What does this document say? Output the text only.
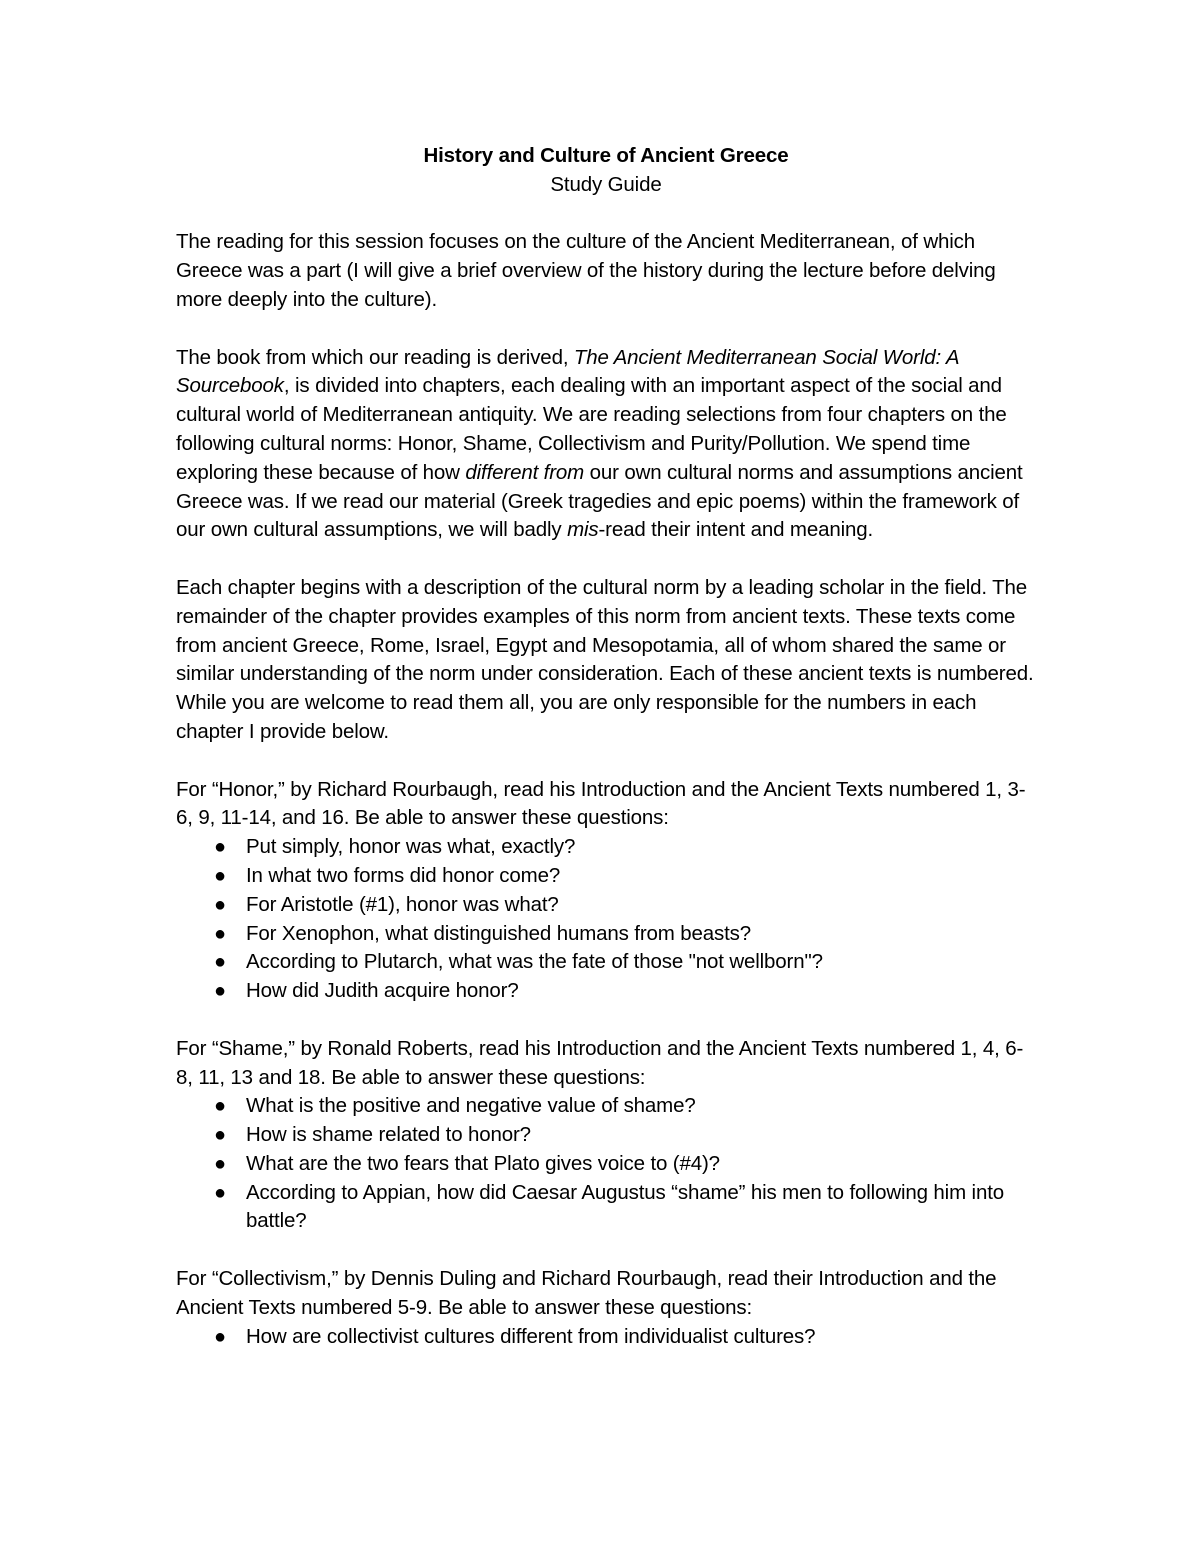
History and Culture of Ancient Greece
Study Guide

The reading for this session focuses on the culture of the Ancient Mediterranean, of which Greece was a part (I will give a brief overview of the history during the lecture before delving more deeply into the culture).

The book from which our reading is derived, The Ancient Mediterranean Social World: A Sourcebook, is divided into chapters, each dealing with an important aspect of the social and cultural world of Mediterranean antiquity. We are reading selections from four chapters on the following cultural norms: Honor, Shame, Collectivism and Purity/Pollution. We spend time exploring these because of how different from our own cultural norms and assumptions ancient Greece was. If we read our material (Greek tragedies and epic poems) within the framework of our own cultural assumptions, we will badly mis-read their intent and meaning.

Each chapter begins with a description of the cultural norm by a leading scholar in the field. The remainder of the chapter provides examples of this norm from ancient texts. These texts come from ancient Greece, Rome, Israel, Egypt and Mesopotamia, all of whom shared the same or similar understanding of the norm under consideration. Each of these ancient texts is numbered. While you are welcome to read them all, you are only responsible for the numbers in each chapter I provide below.

For “Honor,” by Richard Rourbaugh, read his Introduction and the Ancient Texts numbered 1, 3-6, 9, 11-14, and 16. Be able to answer these questions:

● Put simply, honor was what, exactly?
● In what two forms did honor come?
● For Aristotle (#1), honor was what?
● For Xenophon, what distinguished humans from beasts?
● According to Plutarch, what was the fate of those "not wellborn"?
● How did Judith acquire honor?

For “Shame,” by Ronald Roberts, read his Introduction and the Ancient Texts numbered 1, 4, 6-8, 11, 13 and 18. Be able to answer these questions:

● What is the positive and negative value of shame?
● How is shame related to honor?
● What are the two fears that Plato gives voice to (#4)?
● According to Appian, how did Caesar Augustus “shame” his men to following him into battle?

For “Collectivism,” by Dennis Duling and Richard Rourbaugh, read their Introduction and the Ancient Texts numbered 5-9. Be able to answer these questions:

● How are collectivist cultures different from individualist cultures?
